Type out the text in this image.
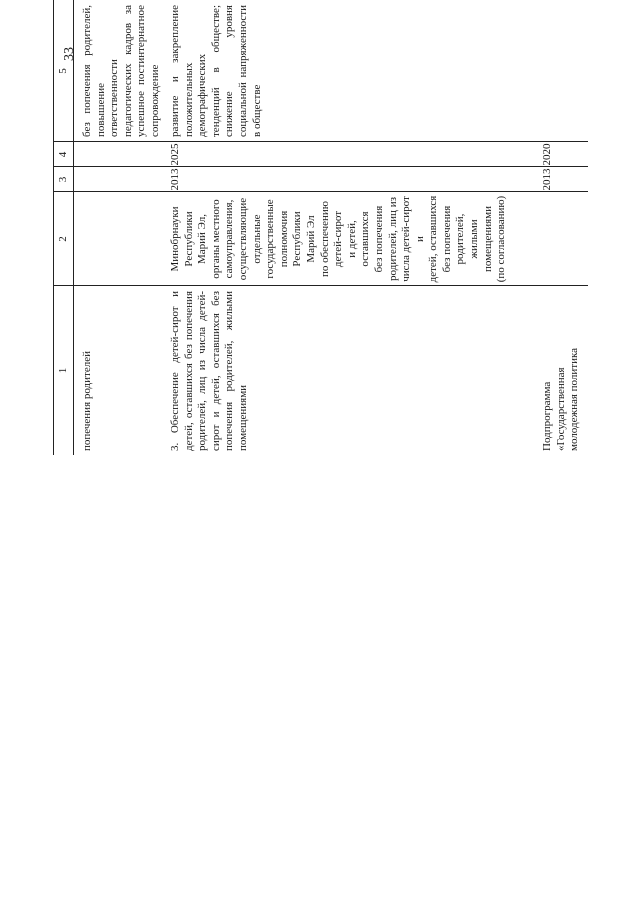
33
1
2
3
4
5
попечения родителей
без попечения родителей, повышение ответственности педагогических кадров за успешное постинтернатное сопровождение
3. Обеспечение детей-сирот и детей, оставшихся без попечения родителей, лиц из числа детей-сирот и детей, оставшихся без попечения родителей, жилыми помещениями
Минобрнауки Республики Марий Эл, органы местного самоуправления, осуществляющие отдельные государственные полномочия Республики Марий Эл по обеспечению детей-сирот и детей, оставшихся без попечения родителей, лиц из числа детей-сирот и детей, оставшихся без попечения родителей, жилыми помещениями (по согласованию)
2013
2025
развитие и закрепление положительных демографических тенденций в обществе; снижение уровня социальной напряженности в обществе
Подпрограмма «Государственная молодежная политика
2013
2020
